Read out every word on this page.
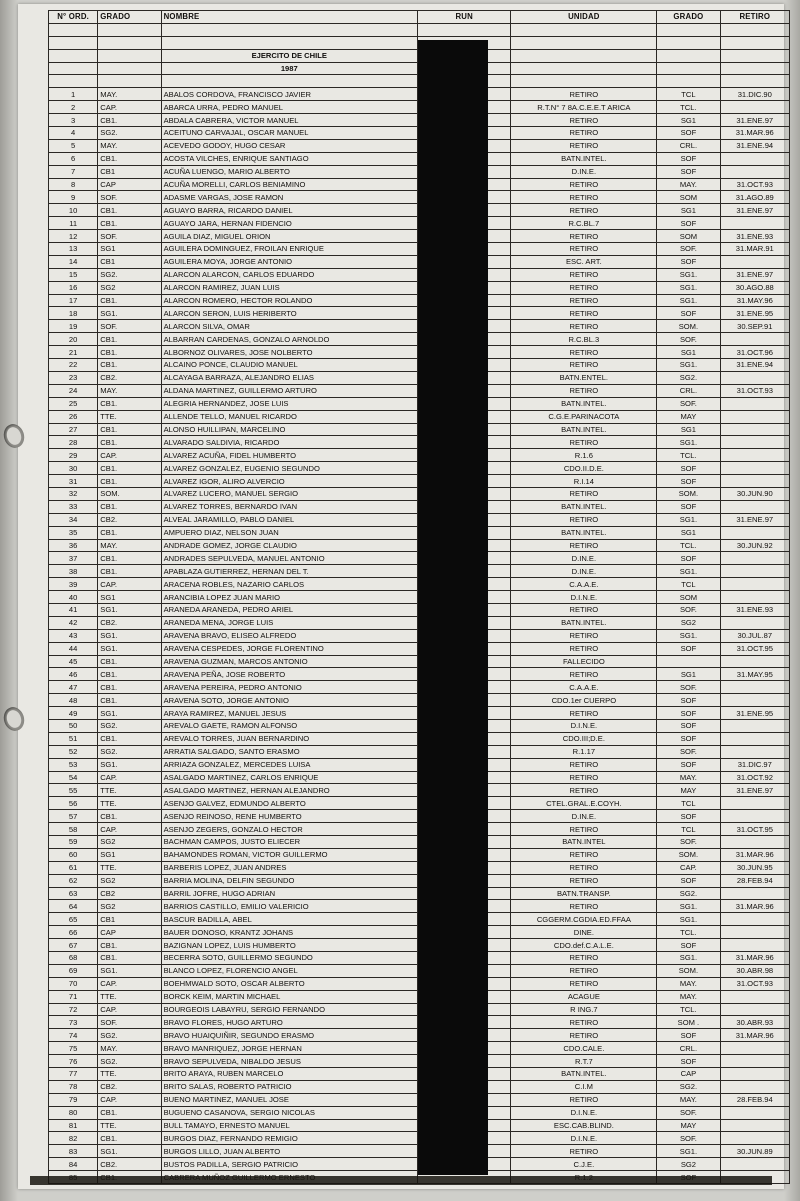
N° ORD.	GRADO	NOMBRE	RUN	UNIDAD	GRADO	RETIRO

		EJERCITO DE CHILE				
		1987				

1	MAY.	ABALOS CORDOVA, FRANCISCO JAVIER		RETIRO	TCL	31.DIC.90
2	CAP.	ABARCA URRA, PEDRO MANUEL		R.T.N° 7 8A.C.E.E.T ARICA	TCL.	
3	CB1.	ABDALA CABRERA, VICTOR MANUEL		RETIRO	SG1	31.ENE.97
4	SG2.	ACEITUNO CARVAJAL, OSCAR MANUEL		RETIRO	SOF	31.MAR.96
5	MAY.	ACEVEDO GODOY, HUGO CESAR		RETIRO	CRL.	31.ENE.94
6	CB1.	ACOSTA VILCHES, ENRIQUE SANTIAGO		BATN.INTEL.	SOF	
7	CB1	ACUÑA LUENGO, MARIO ALBERTO		D.IN.E.	SOF	
8	CAP	ACUÑA MORELLI, CARLOS BENIAMINO		RETIRO	MAY.	31.OCT.93
9	SOF.	ADASME VARGAS, JOSE RAMON		RETIRO	SOM	31.AGO.89
10	CB1.	AGUAYO BARRA, RICARDO DANIEL		RETIRO	SG1	31.ENE.97
11	CB1.	AGUAYO JARA, HERNAN FIDENCIO		R.C.BL.7	SOF	
12	SOF.	AGUILA DIAZ, MIGUEL ORION		RETIRO	SOM	31.ENE.93
13	SG1	AGUILERA DOMINGUEZ, FROILAN ENRIQUE		RETIRO	SOF.	31.MAR.91
14	CB1	AGUILERA MOYA, JORGE ANTONIO		ESC. ART.	SOF	
15	SG2.	ALARCON ALARCON, CARLOS EDUARDO		RETIRO	SG1.	31.ENE.97
16	SG2	ALARCON RAMIREZ, JUAN LUIS		RETIRO	SG1.	30.AGO.88
17	CB1.	ALARCON ROMERO, HECTOR ROLANDO		RETIRO	SG1.	31.MAY.96
18	SG1.	ALARCON SERON, LUIS HERIBERTO		RETIRO	SOF	31.ENE.95
19	SOF.	ALARCON SILVA, OMAR		RETIRO	SOM.	30.SEP.91
20	CB1.	ALBARRAN CARDENAS, GONZALO ARNOLDO		R.C.BL.3	SOF.	
21	CB1.	ALBORNOZ OLIVARES, JOSE NOLBERTO		RETIRO	SG1	31.OCT.96
22	CB1.	ALCAINO PONCE, CLAUDIO MANUEL		RETIRO	SG1.	31.ENE.94
23	CB2.	ALCAYAGA BARRAZA, ALEJANDRO ELIAS		BATN.ENTEL.	SG2.	
24	MAY.	ALDANA MARTINEZ, GUILLERMO ARTURO		RETIRO	CRL.	31.OCT.93
25	CB1.	ALEGRIA HERNANDEZ, JOSE LUIS		BATN.INTEL.	SOF.	
26	TTE.	ALLENDE TELLO, MANUEL RICARDO		C.G.E.PARINACOTA	MAY	
27	CB1.	ALONSO HUILLIPAN, MARCELINO		BATN.INTEL.	SG1	
28	CB1.	ALVARADO SALDIVIA, RICARDO		RETIRO	SG1.	
29	CAP.	ALVAREZ ACUÑA, FIDEL HUMBERTO		R.1.6	TCL.	
30	CB1.	ALVAREZ GONZALEZ, EUGENIO SEGUNDO		CDO.II.D.E.	SOF	
31	CB1.	ALVAREZ IGOR, ALIRO ALVERCIO		R.I.14	SOF	
32	SOM.	ALVAREZ LUCERO, MANUEL SERGIO		RETIRO	SOM.	30.JUN.90
33	CB1.	ALVAREZ TORRES, BERNARDO IVAN		BATN.INTEL.	SOF	
34	CB2.	ALVEAL JARAMILLO, PABLO DANIEL		RETIRO	SG1.	31.ENE.97
35	CB1.	AMPUERO DIAZ, NELSON JUAN		BATN.INTEL.	SG1	
36	MAY.	ANDRADE GOMEZ, JORGE CLAUDIO		RETIRO	TCL.	30.JUN.92
37	CB1.	ANDRADES SEPULVEDA, MANUEL ANTONIO		D.IN.E.	SOF	
38	CB1.	APABLAZA GUTIERREZ, HERNAN DEL T.		D.IN.E.	SG1.	
39	CAP.	ARACENA ROBLES, NAZARIO CARLOS		C.A.A.E.	TCL	
40	SG1	ARANCIBIA LOPEZ JUAN MARIO		D.I.N.E.	SOM	
41	SG1.	ARANEDA ARANEDA, PEDRO ARIEL		RETIRO	SOF.	31.ENE.93
42	CB2.	ARANEDA MENA, JORGE LUIS		BATN.INTEL.	SG2	
43	SG1.	ARAVENA BRAVO, ELISEO ALFREDO		RETIRO	SG1.	30.JUL.87
44	SG1.	ARAVENA CESPEDES, JORGE FLORENTINO		RETIRO	SOF	31.OCT.95
45	CB1.	ARAVENA GUZMAN, MARCOS ANTONIO		FALLECIDO		
46	CB1.	ARAVENA PEÑA, JOSE ROBERTO		RETIRO	SG1	31.MAY.95
47	CB1.	ARAVENA PEREIRA, PEDRO ANTONIO		C.A.A.E.	SOF.	
48	CB1.	ARAVENA SOTO, JORGE ANTONIO		CDO.1er CUERPO	SOF	
49	SG1.	ARAYA RAMIREZ, MANUEL JESUS		RETIRO	SOF	31.ENE.95
50	SG2.	AREVALO GAETE, RAMON ALFONSO		D.I.N.E.	SOF	
51	CB1.	AREVALO TORRES, JUAN BERNARDINO		CDO.III;D.E.	SOF	
52	SG2.	ARRATIA SALGADO, SANTO ERASMO		R.1.17	SOF.	
53	SG1.	ARRIAZA GONZALEZ, MERCEDES LUISA		RETIRO	SOF	31.DIC.97
54	CAP.	ASALGADO MARTINEZ, CARLOS ENRIQUE		RETIRO	MAY.	31.OCT.92
55	TTE.	ASALGADO MARTINEZ, HERNAN ALEJANDRO		RETIRO	MAY	31.ENE.97
56	TTE.	ASENJO GALVEZ, EDMUNDO ALBERTO		CTEL.GRAL.E.COYH.	TCL	
57	CB1.	ASENJO REINOSO, RENE HUMBERTO		D.IN.E.	SOF	
58	CAP.	ASENJO ZEGERS, GONZALO HECTOR		RETIRO	TCL	31.OCT.95
59	SG2	BACHMAN CAMPOS, JUSTO ELIECER		BATN.INTEL	SOF.	
60	SG1	BAHAMONDES ROMAN, VICTOR GUILLERMO		RETIRO	SOM.	31.MAR.96
61	TTE.	BARBERIS LOPEZ, JUAN ANDRES		RETIRO	CAP.	30.JUN.95
62	SG2	BARRIA MOLINA, DELFIN SEGUNDO		RETIRO	SOF	28.FEB.94
63	CB2	BARRIL JOFRE, HUGO ADRIAN		BATN.TRANSP.	SG2.	
64	SG2	BARRIOS CASTILLO, EMILIO VALERICIO		RETIRO	SG1.	31.MAR.96
65	CB1	BASCUR BADILLA, ABEL		CGGERM.CGDIA.ED.FFAA	SG1.	
66	CAP	BAUER DONOSO, KRANTZ JOHANS		DINE.	TCL.	
67	CB1.	BAZIGNAN LOPEZ, LUIS HUMBERTO		CDO.def.C.A.L.E.	SOF	
68	CB1.	BECERRA SOTO, GUILLERMO SEGUNDO		RETIRO	SG1.	31.MAR.96
69	SG1.	BLANCO LOPEZ, FLORENCIO ANGEL		RETIRO	SOM.	30.ABR.98
70	CAP.	BOEHMWALD SOTO, OSCAR ALBERTO		RETIRO	MAY.	31.OCT.93
71	TTE.	BORCK KEIM, MARTIN MICHAEL		ACAGUE	MAY.	
72	CAP.	BOURGEOIS LABAYRU, SERGIO FERNANDO		R ING.7	TCL.	
73	SOF.	BRAVO FLORES, HUGO ARTURO		RETIRO	SOM .	30.ABR.93
74	SG2.	BRAVO HUAIQUIÑIR, SEGUNDO ERASMO		RETIRO	SOF	31.MAR.96
75	MAY.	BRAVO MANRIQUEZ, JORGE HERNAN		CDO.CALE.	CRL.	
76	SG2.	BRAVO SEPULVEDA, NIBALDO JESUS		R.T.7	SOF	
77	TTE.	BRITO ARAYA, RUBEN MARCELO		BATN.INTEL.	CAP	
78	CB2.	BRITO SALAS, ROBERTO PATRICIO		C.I.M	SG2.	
79	CAP.	BUENO MARTINEZ, MANUEL JOSE		RETIRO	MAY.	28.FEB.94
80	CB1.	BUGUENO CASANOVA, SERGIO NICOLAS		D.I.N.E.	SOF.	
81	TTE.	BULL TAMAYO, ERNESTO MANUEL		ESC.CAB.BLIND.	MAY	
82	CB1.	BURGOS DIAZ, FERNANDO REMIGIO		D.I.N.E.	SOF.	
83	SG1.	BURGOS LILLO, JUAN ALBERTO		RETIRO	SG1.	30.JUN.89
84	CB2.	BUSTOS PADILLA, SERGIO PATRICIO		C.J.E.	SG2	
